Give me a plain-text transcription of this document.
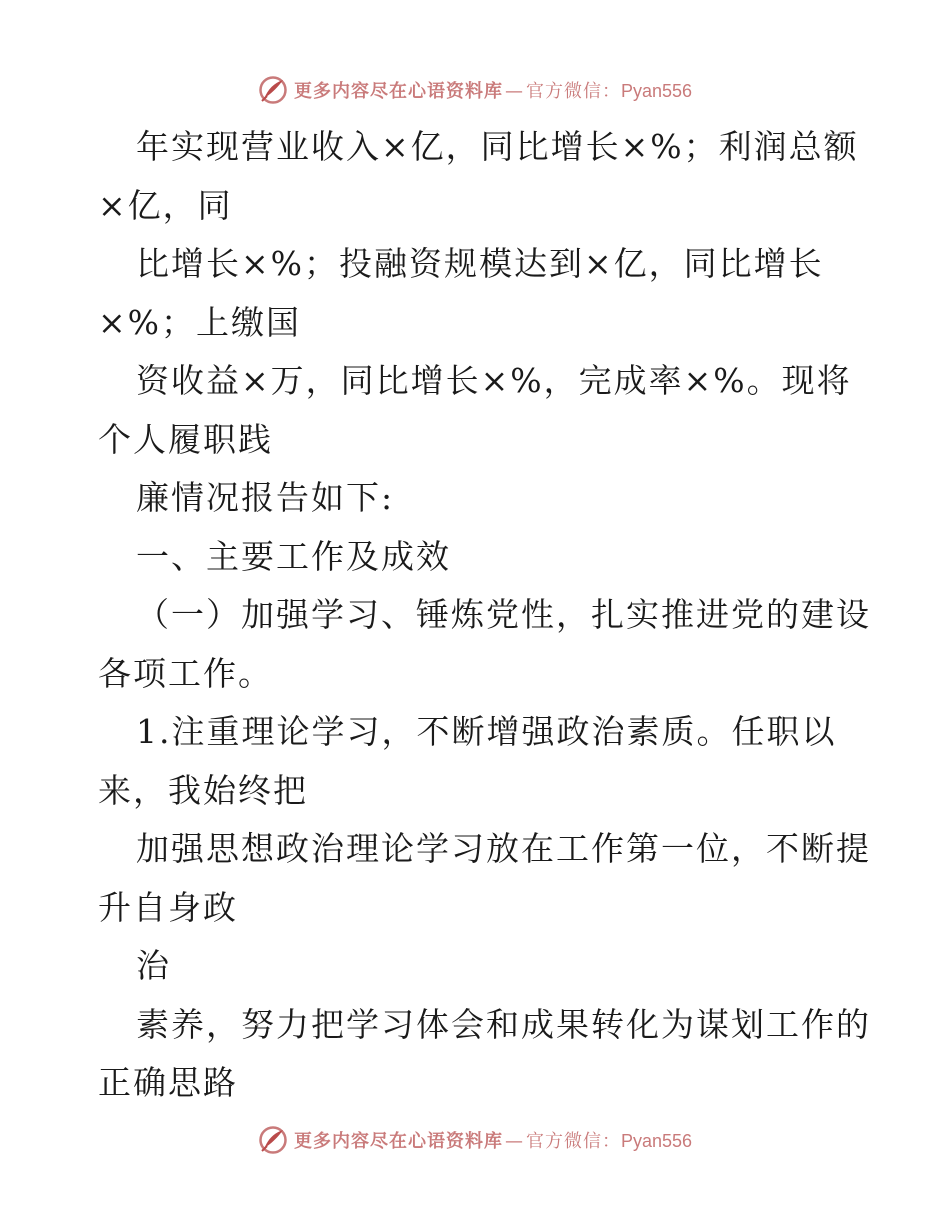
更多内容尽在心语资料库 — 官方微信：Pyan556

年实现营业收入×亿，同比增长×%；利润总额

×亿，同

比增长×%；投融资规模达到×亿，同比增长

×%；上缴国

资收益×万，同比增长×%，完成率×%。现将

个人履职践

廉情况报告如下:

一、主要工作及成效

（一）加强学习、锤炼党性，扎实推进党的建设

各项工作。

1.注重理论学习，不断增强政治素质。任职以

来，我始终把

加强思想政治理论学习放在工作第一位，不断提

升自身政

治

素养，努力把学习体会和成果转化为谋划工作的

正确思路

更多内容尽在心语资料库 — 官方微信：Pyan556
